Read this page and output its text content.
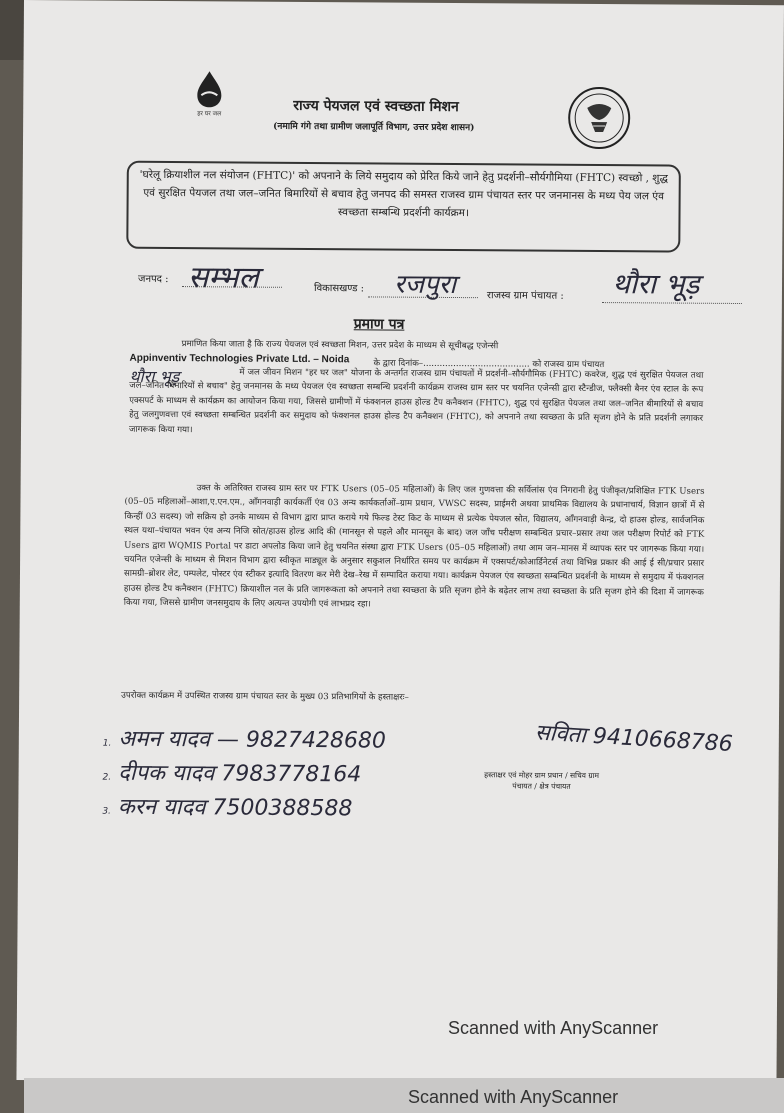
हर घर जल	राज्य पेयजल एवं स्वच्छता मिशन
(नमामि गंगे तथा ग्रामीण जलापूर्ति विभाग, उत्तर प्रदेश शासन)
'घरेलू क्रियाशील नल संयोजन (FHTC)' को अपनाने के लिये समुदाय को प्रेरित किये जाने हेतु प्रदर्शनी–सौर्यगौमिया (FHTC) स्वच्छो , शुद्ध एवं सुरक्षित पेयजल तथा जल–जनित बिमारियों से बचाव हेतु जनपद की समस्त राजस्व ग्राम पंचायत स्तर पर जनमानस के मध्य पेय जल एंव स्वच्छता सम्बन्धि प्रदर्शनी कार्यक्रम।
जनपद : सम्भल	विकासखण्ड : रजपुरा	राजस्व ग्राम पंचायत : थौरा भूड़
प्रमाण पत्र
प्रमाणित किया जाता है कि राज्य पेयजल एवं स्वच्छता मिशन, उत्तर प्रदेश के माध्यम से सूचीबद्ध एजेन्सी
Appinventiv Technologies Private Ltd. – Noida	के द्वारा दिनांक–....................................... को राजस्व ग्राम पंचायत
थौरा भूड़	में जल जीवन मिशन "हर घर जल" योजना के अन्तर्गत राजस्व ग्राम पंचायतों में प्रदर्शनी–सौर्यगौमिक (FHTC) कवरेज, शुद्ध एवं सुरक्षित पेयजल तथा जल–जनित बिमारियों से बचाव" हेतु जनमानस के मध्य पेयजल एंव स्वच्छता सम्बन्धि प्रदर्शनी कार्यक्रम राजस्व ग्राम स्तर पर चयनित एजेन्सी द्वारा स्टैन्डीज, फ्लैक्सी बैनर एंव स्टाल के रूप एक्सपर्ट के माध्यम से कार्यक्रम का आयोजन किया गया, जिससे ग्रामीणों में फंक्शनल हाउस होल्ड टैप कनैक्शन (FHTC), शुद्ध एवं सुरक्षित पेयजल तथा जल–जनित बीमारियों से बचाव हेतु जलगुणवत्ता एवं स्वच्छता सम्बन्धित प्रदर्शनी कर समुदाय को फंक्शनल हाउस होल्ड टैप कनैक्शन (FHTC), को अपनाने तथा स्वच्छता के प्रति सृजग होने के प्रति प्रदर्शनी लगाकर जागरूक किया गया।
उक्त के अतिरिक्त राजस्व ग्राम स्तर पर FTK Users (05–05 महिलाओं) के लिए जल गुणवत्ता की सर्विलांस एंव निगरानी हेतु पंजीकृत/प्रशिक्षित FTK Users (05–05 महिलाओं–आशा,ए.एन.एम., आँगनवाड़ी कार्यकर्ती एंव 03 अन्य कार्यकर्ताओं–ग्राम प्रधान, VWSC सदस्य, प्राईमरी अथवा प्राथमिक विद्यालय के प्रधानाचार्य, विज्ञान छात्रों में से किन्हीं 03 सदस्य) जो सक्रिय हो उनके माध्यम से विभाग द्वारा प्राप्त कराये गये फिल्ड टेस्ट किट के माध्यम से प्रत्येक पेयजल स्रोत, विद्यालय, आँगनवाड़ी केन्द्र, दो हाउस होल्ड, सार्वजनिक स्थल यथा–पंचायत भवन एंव अन्य निजि स्रोत/हाउस होल्ड आदि की (मानसून से पहले और मानसून के बाद) जल जाँच परीक्षण सम्बन्धित प्रचार–प्रसार तथा जल परीक्षण रिपोर्ट को FTK Users द्वारा WQMIS Portal पर डाटा अपलोड किया जाने हेतु चयनित संस्था द्वारा FTK Users (05–05 महिलाओं) तथा आम जन–मानस में व्यापक स्तर पर जागरूक किया गया। चयनित एजेन्सी के माध्यम से मिशन विभाग द्वारा स्वीकृत माड्यूल के अनुसार सकुशल निर्धारित समय पर कार्यक्रम में एक्सपर्ट/कोआर्डिनेटर्स तथा विभिन्न प्रकार की आई ई सी/प्रचार प्रसार सामग्री–ब्रोशर लेट, पम्पलेट, पोस्टर एंव स्टीकर इत्यादि वितरण कर मेरी देख–रेख में सम्पादित कराया गया। कार्यक्रम पेयजल एंव स्वच्छता सम्बन्धित प्रदर्शनी के माध्यम से समुदाय में फंक्शनल हाउस होल्ड टैप कनैक्शन (FHTC) क्रियाशील नल के प्रति जागरूकता को अपनाने तथा स्वच्छता के प्रति सृजग होने के बढ़ेतर लाभ तथा स्वच्छता के प्रति सृजग होने की दिशा में जागरूक किया गया, जिससे ग्रामीण जनसमुदाय के लिए अत्यन्त उपयोगी एवं लाभप्रद रहा।
उपरोक्त कार्यक्रम में उपस्थित राजस्व ग्राम पंचायत स्तर के मुख्य 03 प्रतिभागियों के हस्ताक्षरः–
1. अमन यादव — 9827428680
2. दीपक यादव 7983778164
3. करन यादव 7500388588
सविता 9410668786
हस्ताक्षर एवं मोहर ग्राम प्रधान / सचिव ग्राम पंचायत / क्षेत्र पंचायत
Scanned with AnyScanner
Scanned with AnyScanner
